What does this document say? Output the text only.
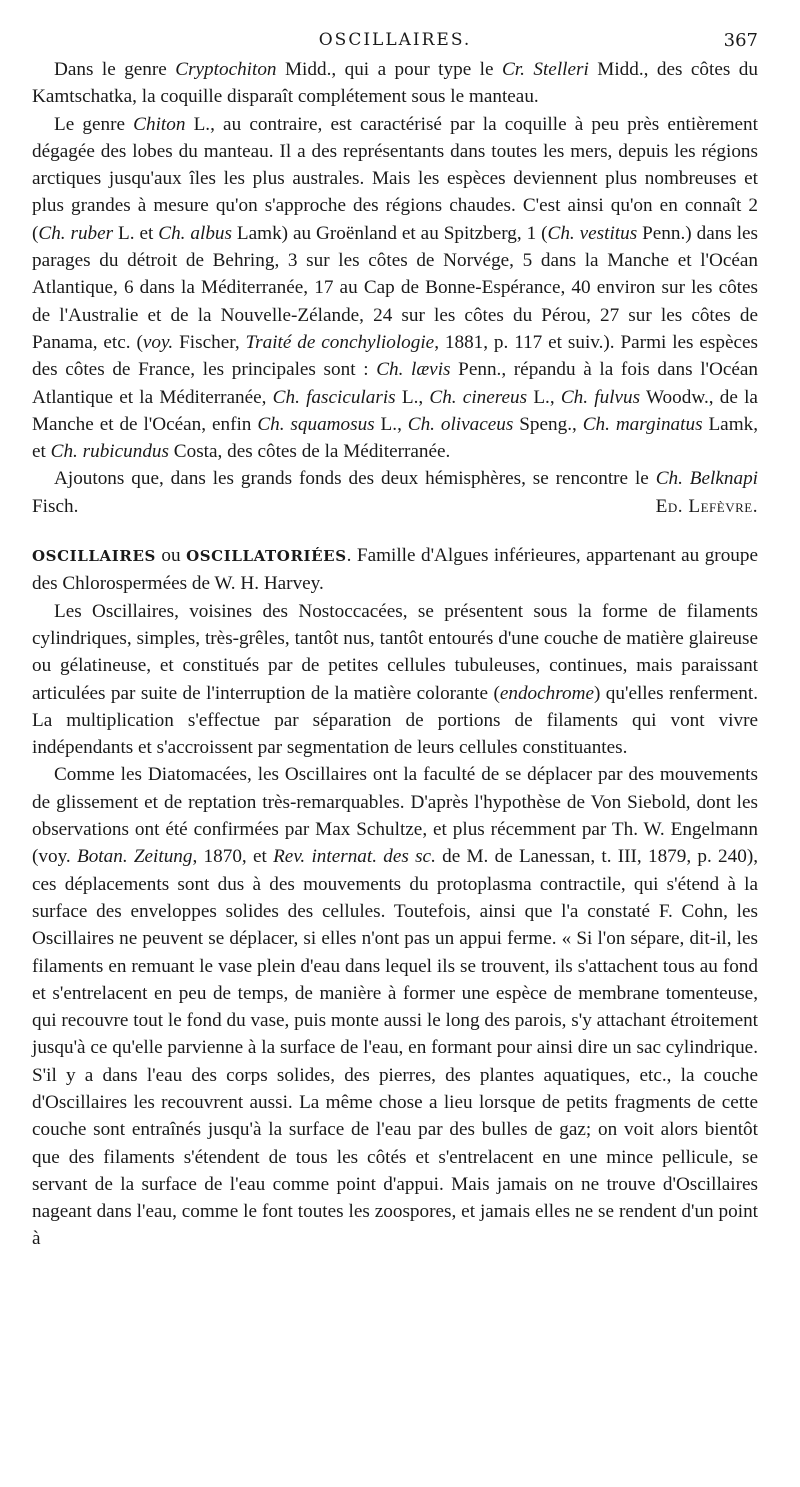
OSCILLAIRES.	367

Dans le genre Cryptochiton Midd., qui a pour type le Cr. Stelleri Midd., des côtes du Kamtschatka, la coquille disparaît complétement sous le manteau.

Le genre Chiton L., au contraire, est caractérisé par la coquille à peu près entièrement dégagée des lobes du manteau. Il a des représentants dans toutes les mers, depuis les régions arctiques jusqu'aux îles les plus australes. Mais les espèces deviennent plus nombreuses et plus grandes à mesure qu'on s'approche des régions chaudes. C'est ainsi qu'on en connaît 2 (Ch. ruber L. et Ch. albus Lamk) au Groënland et au Spitzberg, 1 (Ch. vestitus Penn.) dans les parages du détroit de Behring, 3 sur les côtes de Norvége, 5 dans la Manche et l'Océan Atlantique, 6 dans la Méditerranée, 17 au Cap de Bonne-Espérance, 40 environ sur les côtes de l'Australie et de la Nouvelle-Zélande, 24 sur les côtes du Pérou, 27 sur les côtes de Panama, etc. (voy. Fischer, Traité de conchyliologie, 1881, p. 117 et suiv.). Parmi les espèces des côtes de France, les principales sont : Ch. lævis Penn., répandu à la fois dans l'Océan Atlantique et la Méditerranée, Ch. fascicularis L., Ch. cinereus L., Ch. fulvus Woodw., de la Manche et de l'Océan, enfin Ch. squamosus L., Ch. olivaceus Speng., Ch. marginatus Lamk, et Ch. rubicundus Costa, des côtes de la Méditerranée.

Ajoutons que, dans les grands fonds des deux hémisphères, se rencontre le Ch. Belknapi Fisch.	Ed. Lefèvre.

OSCILLAIRES ou OSCILLATORIÉES. Famille d'Algues inférieures, appartenant au groupe des Chlorospermées de W. H. Harvey.

Les Oscillaires, voisines des Nostoccacées, se présentent sous la forme de filaments cylindriques, simples, très-grêles, tantôt nus, tantôt entourés d'une couche de matière glaireuse ou gélatineuse, et constitués par de petites cellules tubuleuses, continues, mais paraissant articulées par suite de l'interruption de la matière colorante (endochrome) qu'elles renferment. La multiplication s'effectue par séparation de portions de filaments qui vont vivre indépendants et s'accroissent par segmentation de leurs cellules constituantes.

Comme les Diatomacées, les Oscillaires ont la faculté de se déplacer par des mouvements de glissement et de reptation très-remarquables. D'après l'hypothèse de Von Siebold, dont les observations ont été confirmées par Max Schultze, et plus récemment par Th. W. Engelmann (voy. Botan. Zeitung, 1870, et Rev. internat. des sc. de M. de Lanessan, t. III, 1879, p. 240), ces déplacements sont dus à des mouvements du protoplasma contractile, qui s'étend à la surface des enveloppes solides des cellules. Toutefois, ainsi que l'a constaté F. Cohn, les Oscillaires ne peuvent se déplacer, si elles n'ont pas un appui ferme. « Si l'on sépare, dit-il, les filaments en remuant le vase plein d'eau dans lequel ils se trouvent, ils s'attachent tous au fond et s'entrelacent en peu de temps, de manière à former une espèce de membrane tomenteuse, qui recouvre tout le fond du vase, puis monte aussi le long des parois, s'y attachant étroitement jusqu'à ce qu'elle parvienne à la surface de l'eau, en formant pour ainsi dire un sac cylindrique. S'il y a dans l'eau des corps solides, des pierres, des plantes aquatiques, etc., la couche d'Oscillaires les recouvrent aussi. La même chose a lieu lorsque de petits fragments de cette couche sont entraînés jusqu'à la surface de l'eau par des bulles de gaz; on voit alors bientôt que des filaments s'étendent de tous les côtés et s'entrelacent en une mince pellicule, se servant de la surface de l'eau comme point d'appui. Mais jamais on ne trouve d'Oscillaires nageant dans l'eau, comme le font toutes les zoospores, et jamais elles ne se rendent d'un point à
